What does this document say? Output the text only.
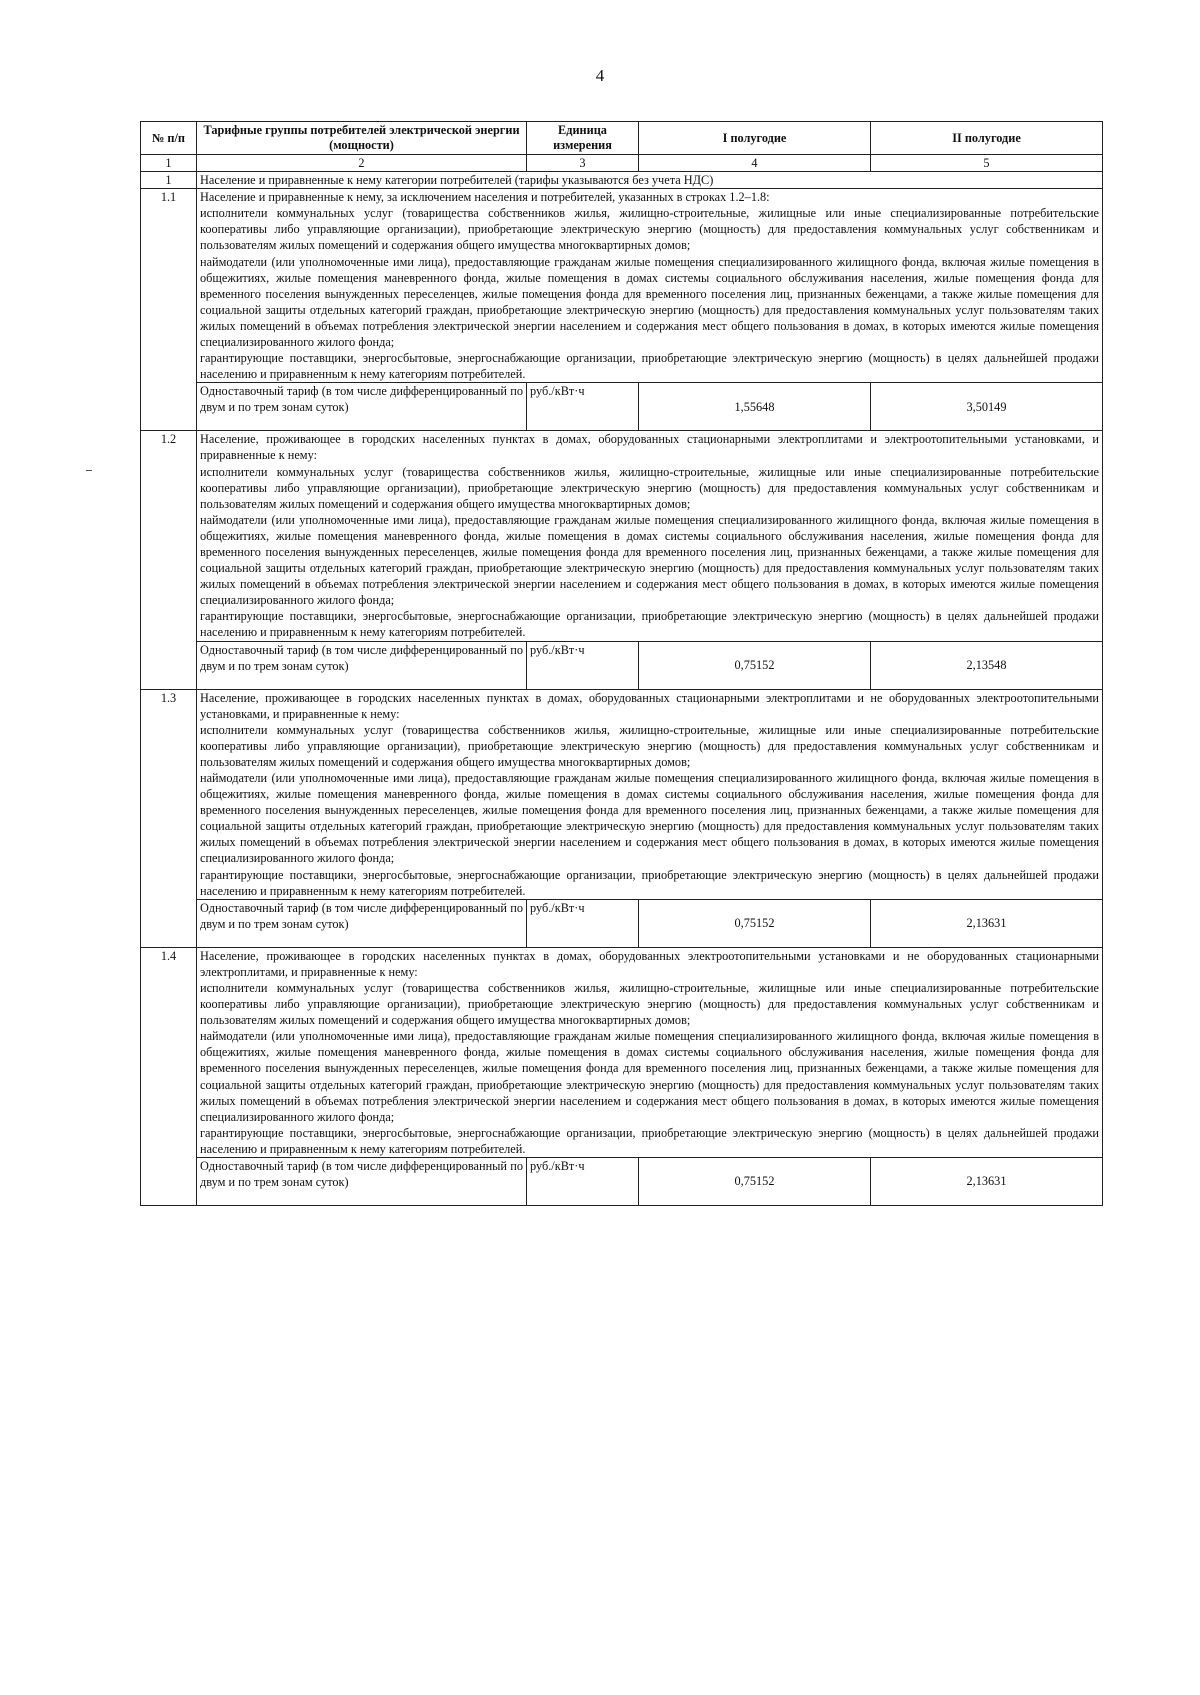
4
№ п/п	Тарифные группы потребителей электрической энергии (мощности)	Единица измерения	I полугодие	II полугодие
1	2	3	4	5
1	Население и приравненные к нему категории потребителей (тарифы указываются без учета НДС)			
1.1	Население и приравненные к нему, за исключением населения и потребителей, указанных в строках 1.2–1.8:

исполнители коммунальных услуг (товарищества собственников жилья, жилищно-строительные, жилищные или иные специализированные потребительские кооперативы либо управляющие организации), приобретающие электрическую энергию (мощность) для предоставления коммунальных услуг собственникам и пользователям жилых помещений и содержания общего имущества многоквартирных домов;

наймодатели (или уполномоченные ими лица), предоставляющие гражданам жилые помещения специализированного жилищного фонда, включая жилые помещения в общежитиях, жилые помещения маневренного фонда, жилые помещения в домах системы социального обслуживания населения, жилые помещения фонда для временного поселения вынужденных переселенцев, жилые помещения фонда для временного поселения лиц, признанных беженцами, а также жилые помещения для социальной защиты отдельных категорий граждан, приобретающие электрическую энергию (мощность) для предоставления коммунальных услуг пользователям таких жилых помещений в объемах потребления электрической энергии населением и содержания мест общего пользования в домах, в которых имеются жилые помещения специализированного жилого фонда;

гарантирующие поставщики, энергосбытовые, энергоснабжающие организации, приобретающие электрическую энергию (мощность) в целях дальнейшей продажи населению и приравненным к нему категориям потребителей.			

	Одноставочный тариф (в том числе дифференцированный по двум и по трем зонам суток)	руб./кВт·ч	1,55648	3,50149
1.2	Население, проживающее в городских населенных пунктах в домах, оборудованных стационарными электроплитами и электроотопительными установками, и приравненные к нему:

исполнители коммунальных услуг (товарищества собственников жилья, жилищно-строительные, жилищные или иные специализированные потребительские кооперативы либо управляющие организации), приобретающие электрическую энергию (мощность) для предоставления коммунальных услуг собственникам и пользователям жилых помещений и содержания общего имущества многоквартирных домов;

наймодатели (или уполномоченные ими лица), предоставляющие гражданам жилые помещения специализированного жилищного фонда, включая жилые помещения в общежитиях, жилые помещения маневренного фонда, жилые помещения в домах системы социального обслуживания населения, жилые помещения фонда для временного поселения вынужденных переселенцев, жилые помещения фонда для временного поселения лиц, признанных беженцами, а также жилые помещения для социальной защиты отдельных категорий граждан, приобретающие электрическую энергию (мощность) для предоставления коммунальных услуг пользователям таких жилых помещений в объемах потребления электрической энергии населением и содержания мест общего пользования в домах, в которых имеются жилые помещения специализированного жилого фонда;

гарантирующие поставщики, энергосбытовые, энергоснабжающие организации, приобретающие электрическую энергию (мощность) в целях дальнейшей продажи населению и приравненным к нему категориям потребителей.			

	Одноставочный тариф (в том числе дифференцированный по двум и по трем зонам суток)	руб./кВт·ч	0,75152	2,13548
1.3	Население, проживающее в городских населенных пунктах в домах, оборудованных стационарными электроплитами и не оборудованных электроотопительными установками, и приравненные к нему:

исполнители коммунальных услуг (товарищества собственников жилья, жилищно-строительные, жилищные или иные специализированные потребительские кооперативы либо управляющие организации), приобретающие электрическую энергию (мощность) для предоставления коммунальных услуг собственникам и пользователям жилых помещений и содержания общего имущества многоквартирных домов;

наймодатели (или уполномоченные ими лица), предоставляющие гражданам жилые помещения специализированного жилищного фонда, включая жилые помещения в общежитиях, жилые помещения маневренного фонда, жилые помещения в домах системы социального обслуживания населения, жилые помещения фонда для временного поселения вынужденных переселенцев, жилые помещения фонда для временного поселения лиц, признанных беженцами, а также жилые помещения для социальной защиты отдельных категорий граждан, приобретающие электрическую энергию (мощность) для предоставления коммунальных услуг пользователям таких жилых помещений в объемах потребления электрической энергии населением и содержания мест общего пользования в домах, в которых имеются жилые помещения специализированного жилого фонда;

гарантирующие поставщики, энергосбытовые, энергоснабжающие организации, приобретающие электрическую энергию (мощность) в целях дальнейшей продажи населению и приравненным к нему категориям потребителей.			

	Одноставочный тариф (в том числе дифференцированный по двум и по трем зонам суток)	руб./кВт·ч	0,75152	2,13631
1.4	Население, проживающее в городских населенных пунктах в домах, оборудованных электроотопительными установками и не оборудованных стационарными электроплитами, и приравненные к нему:

исполнители коммунальных услуг (товарищества собственников жилья, жилищно-строительные, жилищные или иные специализированные потребительские кооперативы либо управляющие организации), приобретающие электрическую энергию (мощность) для предоставления коммунальных услуг собственникам и пользователям жилых помещений и содержания общего имущества многоквартирных домов;

наймодатели (или уполномоченные ими лица), предоставляющие гражданам жилые помещения специализированного жилищного фонда, включая жилые помещения в общежитиях, жилые помещения маневренного фонда, жилые помещения в домах системы социального обслуживания населения, жилые помещения фонда для временного поселения вынужденных переселенцев, жилые помещения фонда для временного поселения лиц, признанных беженцами, а также жилые помещения для социальной защиты отдельных категорий граждан, приобретающие электрическую энергию (мощность) для предоставления коммунальных услуг пользователям таких жилых помещений в объемах потребления электрической энергии населением и содержания мест общего пользования в домах, в которых имеются жилые помещения специализированного жилого фонда;

гарантирующие поставщики, энергосбытовые, энергоснабжающие организации, приобретающие электрическую энергию (мощность) в целях дальнейшей продажи населению и приравненным к нему категориям потребителей.			

	Одноставочный тариф (в том числе дифференцированный по двум и по трем зонам суток)	руб./кВт·ч	0,75152	2,13631
